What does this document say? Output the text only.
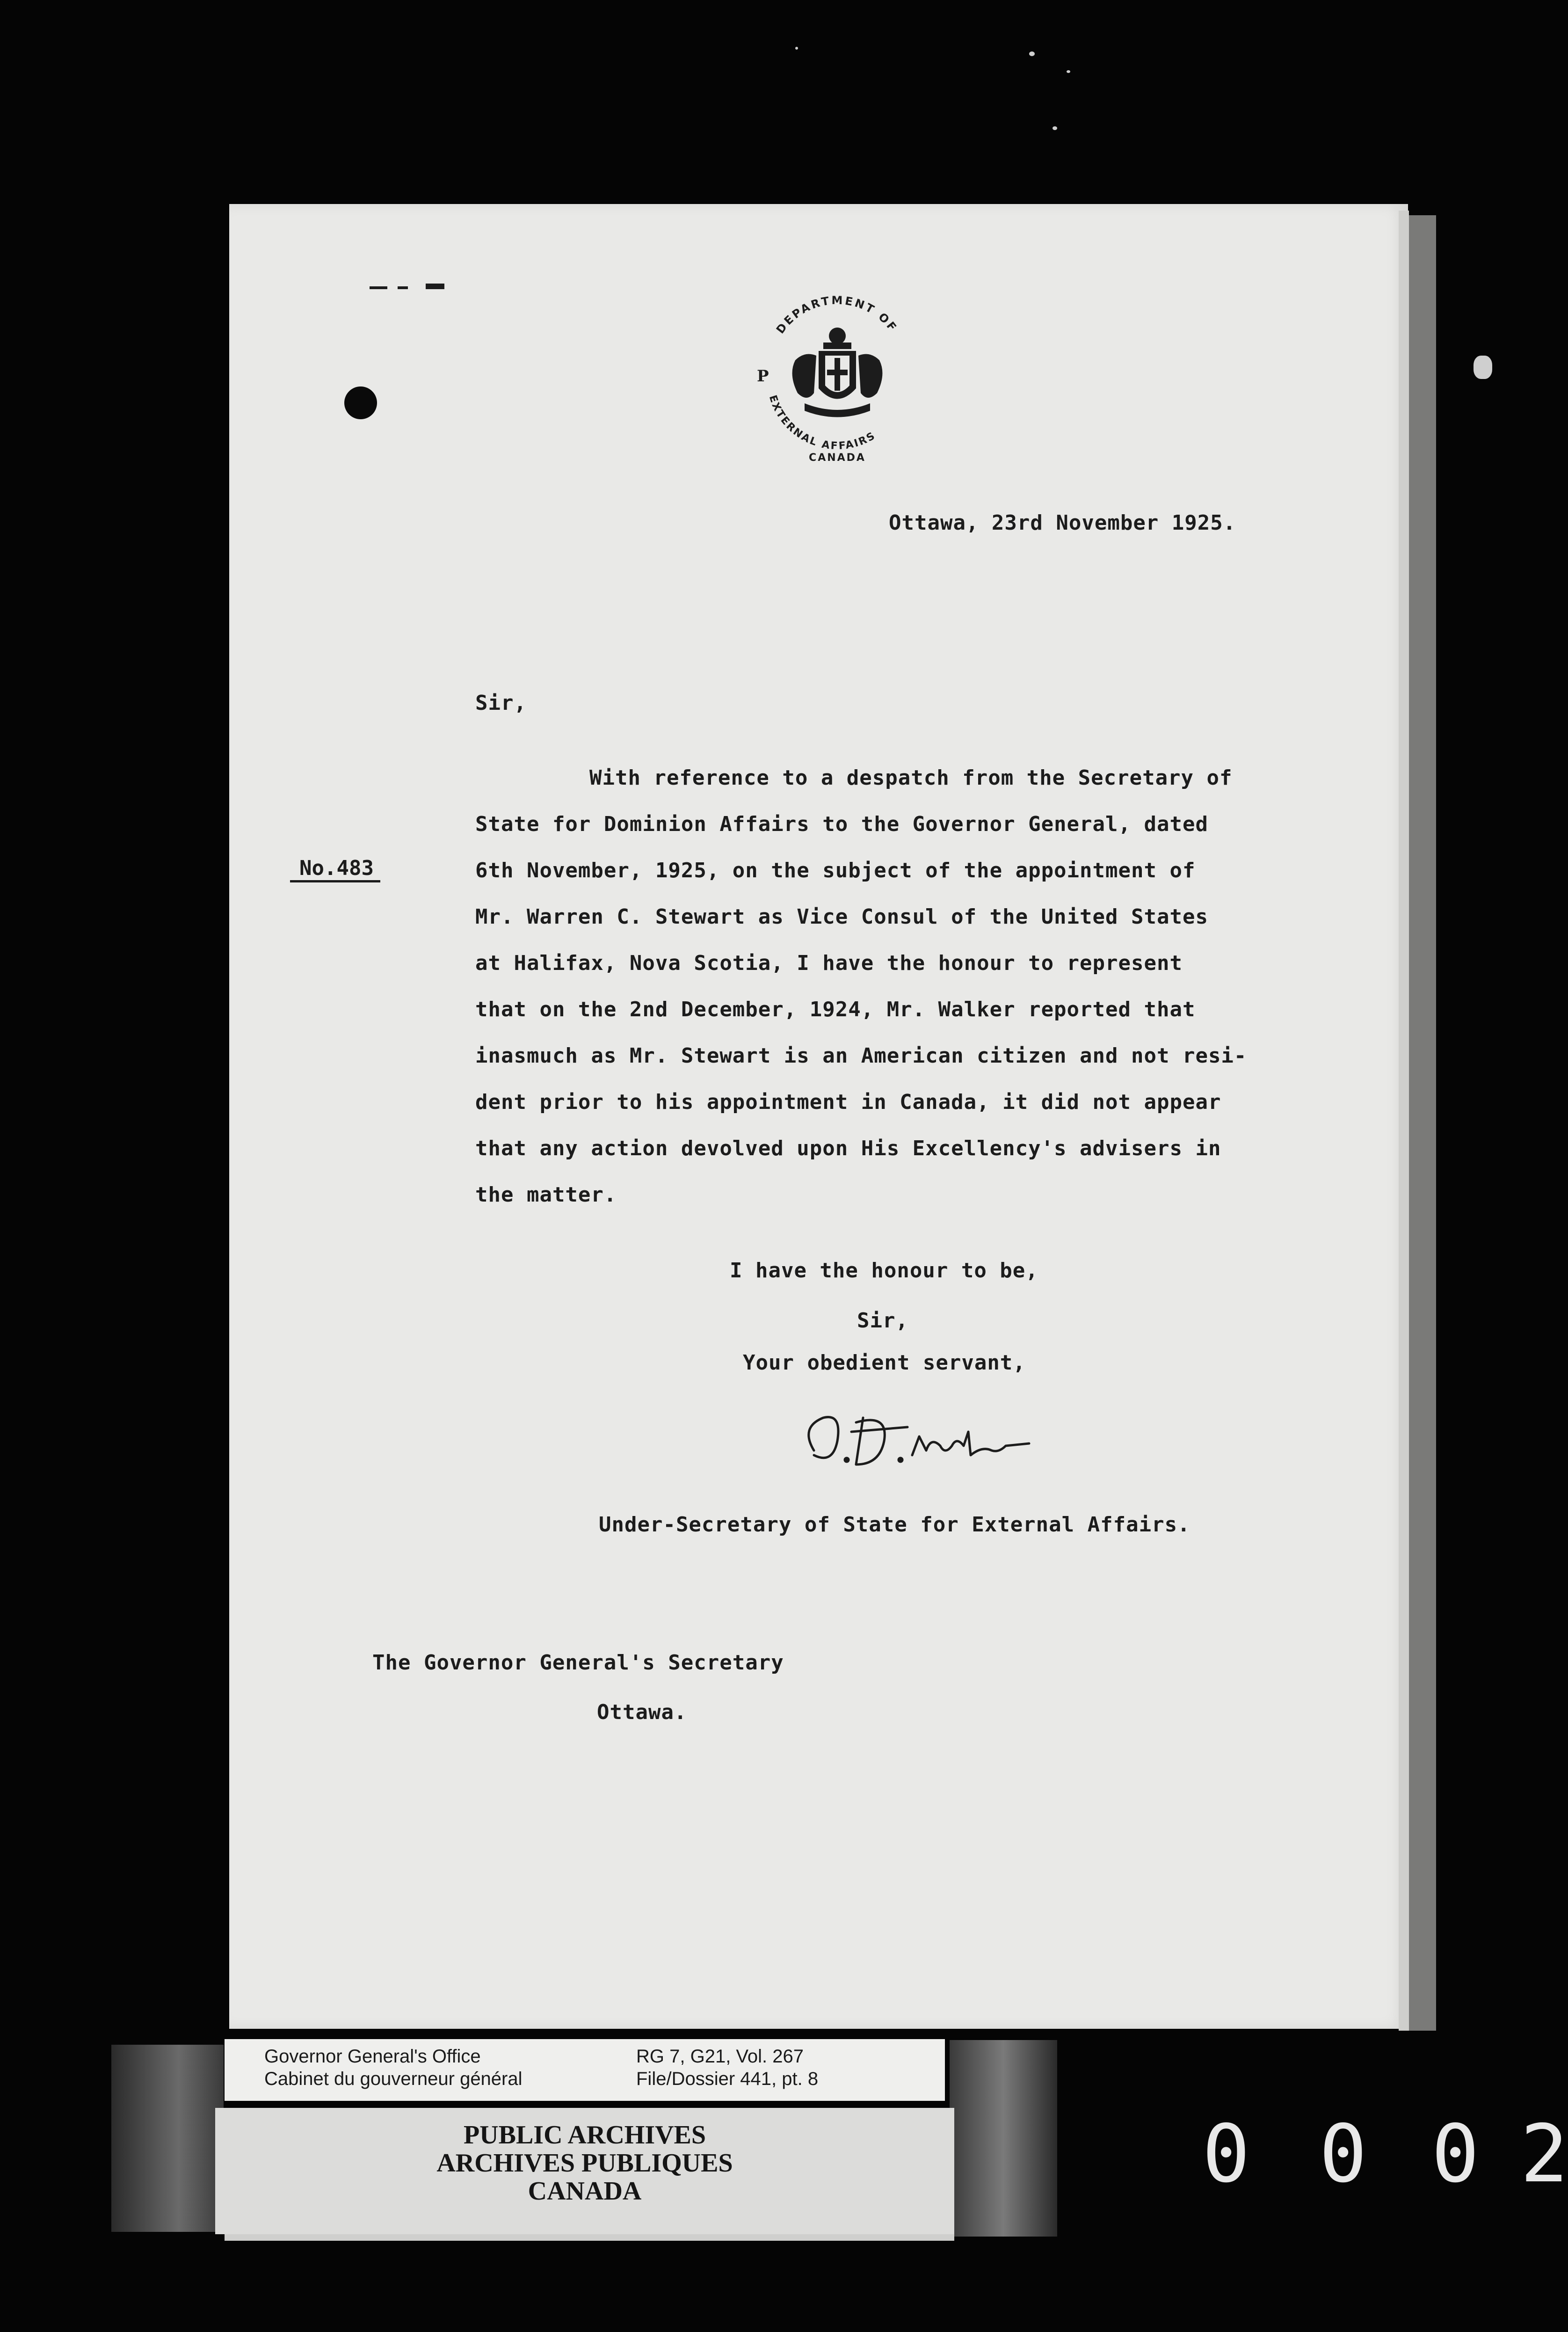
DEPARTMENT OF
EXTERNAL AFFAIRS
CANADA
P
Ottawa, 23rd November 1925.
Sir,
No.483
With reference to a despatch from the Secretary of
State for Dominion Affairs to the Governor General, dated
6th November, 1925, on the subject of the appointment of
Mr. Warren C. Stewart as Vice Consul of the United States
at Halifax, Nova Scotia, I have the honour to represent
that on the 2nd December, 1924, Mr. Walker reported that
inasmuch as Mr. Stewart is an American citizen and not resi-
dent prior to his appointment in Canada, it did not appear
that any action devolved upon His Excellency's advisers in
the matter.
I have the honour to be,
Sir,
Your obedient servant,
Under-Secretary of State for External Affairs.
The Governor General's Secretary
Ottawa.
Governor General's Office
Cabinet du gouverneur général
RG 7, G21, Vol. 267
File/Dossier 441, pt. 8
PUBLIC ARCHIVES
ARCHIVES PUBLIQUES
CANADA	0 0 0 2
